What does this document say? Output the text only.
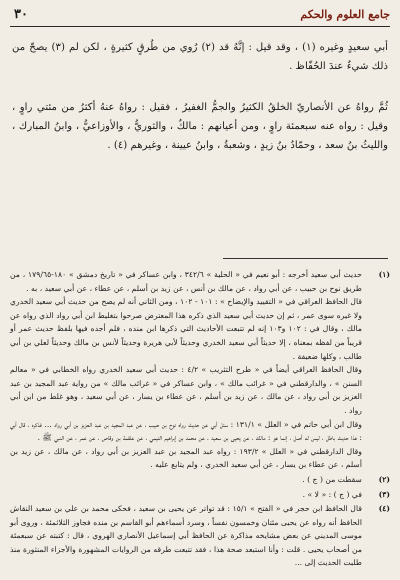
جامع العلوم والحكم
٣٠

أبي سعيدٍ وغيره (١) ، وقد قيل : إنَّهُ قد (٢) رُوي من طُرقٍ كثيرةٍ ، لكن لم (٣) يصحّ من ذلك شيءٌ عندَ الحُفّاظ .

ثُمَّ رواهُ عن الأنصاريّ الخلقُ الكثيرُ والجمُّ الغفيرُ ، فقيل : رواهُ عنهُ أكثرُ من مئتي راوٍ ، وقيل : رواه عنه سبعمئة راوٍ ، ومن أعيانهم : مالكٌ ، والثوريُّ ، والأوزاعيُّ ، وابنُ المبارك ، والليثُ بنُ سعد ، وحمّادُ بنُ زيدٍ ، وشعبةُ ، وابنُ عيينة ، وغيرهم (٤) .

(١)
حديث أبي سعيد أخرجه : أبو نعيم في « الحلية » ٣٤٢/٦ ، وابن عساكر في « تاريخ دمشق » ١٨٠-١٧٩/٦٥ ، من طريق نوح بن حبيب ، عن أبي رواد ، عن مالك بن أنس ، عن زيد بن أسلم ، عن عطاء ، عن أبي سعيد ، به .
قال الحافظ العراقي في « التقييد والإيضاح » : ١٠١ - ١٠٢ ، ومن الثاني أنه لم يصح من حديث أبي سعيد الخدري ولا غيره سوى عمر ، ثم إن حديث أبي سعيد الذي ذكره هذا المعترض صرحوا بتغليط ابن أبي رواد الذي رواه عن مالك ، وقال في : ١٠٢ و١٠٣ إنه لم تتبعت الأحاديث التي ذكرها ابن منده ، فلم أجده فيها بلفظ حديث عمر أو قريباً من لفظه بمعناه ، إلا حديثاً أبي سعيد الخدري وحديثاً لأبي هريرة وحديثاً لأنس بن مالك وحديثاً لعلي بن أبي طالب ، وكلها ضعيفة .
وقال الحافظ العراقي أيضاً في « طرح التثريب » ٤/٢ : حديث أبي سعيد الخدري رواه الخطابي في « معالم السنن » ، والدارقطني في « غرائب مالك » ، وابن عساكر في « غرائب مالك » من رواية عبد المجيد بن عبد العزيز بن أبي رواد ، عن مالك ، عن زيد بن أسلم ، عن عطاء بن يسار ، عن أبي سعيد ، وهو غلط من ابن أبي رواد .
وقال ابن أبي حاتم في « العلل » ١٣١/١ : سئل أبي عن حديث رواه نوح بن حبيب ، عن عبد المجيد بن عبد العزيز بن أبي رواد ... فذكره ، قال أبي : هذا حديث باطل ، ليس له أصل ، إنما هو : مالك ، عن يحيى بن سعيد ، عن محمد بن إبراهيم التيمي ، عن علقمة بن وقاص ، عن عمر ، عن النبي ﷺ .
وقال الدارقطني في « العلل » ١٩٣/٢ : رواه عبد المجيد بن عبد العزيز بن أبي رواد ، عن مالك ، عن زيد بن أسلم ، عن عطاء بن يسار ، عن أبي سعيد الخدري ، ولم يتابع عليه .
(٢)
سقطت من ( ج ) .
(٣)
في ( ج ) : « لا » .
(٤)
قال الحافظ ابن حجر في « الفتح » ١٥/١ : قد تواتر عن يحيى بن سعيد ، فحكى محمد بن علي بن سعيد النقاش الحافظ أنه رواه عن يحيى مئتان وخمسون نفساً ، وسرد أسماءهم أبو القاسم بن منده فجاوز الثلاثمئة ، وروى أبو موسى المديني عن بعض مشايخه مذاكرة عن الحافظ أبي إسماعيل الأنصاري الهروي ، قال : كتبته عن سبعمئة من أصحاب يحيى . قلت : وأنا استبعد صحة هذا ، فقد تتبعت طرقه من الروايات المشهورة والأجزاء المنثورة منذ طلبت الحديث إلى ...
